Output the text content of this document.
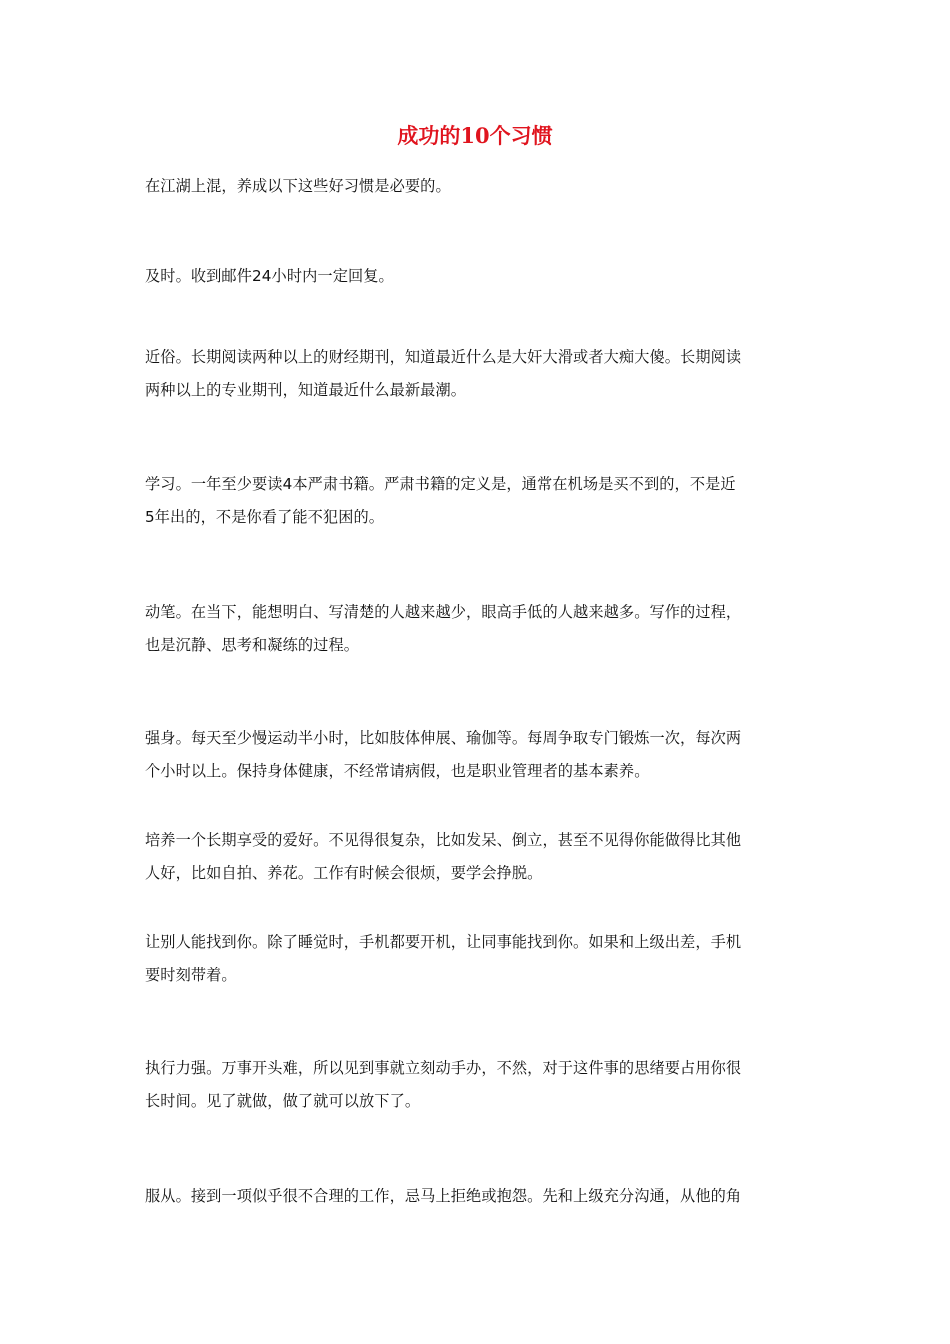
成功的10个习惯
在江湖上混，养成以下这些好习惯是必要的。
及时。收到邮件24小时内一定回复。
近俗。长期阅读两种以上的财经期刊，知道最近什么是大奸大滑或者大痴大傻。长期阅读
两种以上的专业期刊，知道最近什么最新最潮。
学习。一年至少要读4本严肃书籍。严肃书籍的定义是，通常在机场是买不到的，不是近
5年出的，不是你看了能不犯困的。
动笔。在当下，能想明白、写清楚的人越来越少，眼高手低的人越来越多。写作的过程，
也是沉静、思考和凝练的过程。
强身。每天至少慢运动半小时，比如肢体伸展、瑜伽等。每周争取专门锻炼一次，每次两
个小时以上。保持身体健康，不经常请病假，也是职业管理者的基本素养。
培养一个长期享受的爱好。不见得很复杂，比如发呆、倒立，甚至不见得你能做得比其他
人好，比如自拍、养花。工作有时候会很烦，要学会挣脱。
让别人能找到你。除了睡觉时，手机都要开机，让同事能找到你。如果和上级出差，手机
要时刻带着。
执行力强。万事开头难，所以见到事就立刻动手办，不然，对于这件事的思绪要占用你很
长时间。见了就做，做了就可以放下了。
服从。接到一项似乎很不合理的工作，忌马上拒绝或抱怨。先和上级充分沟通，从他的角
